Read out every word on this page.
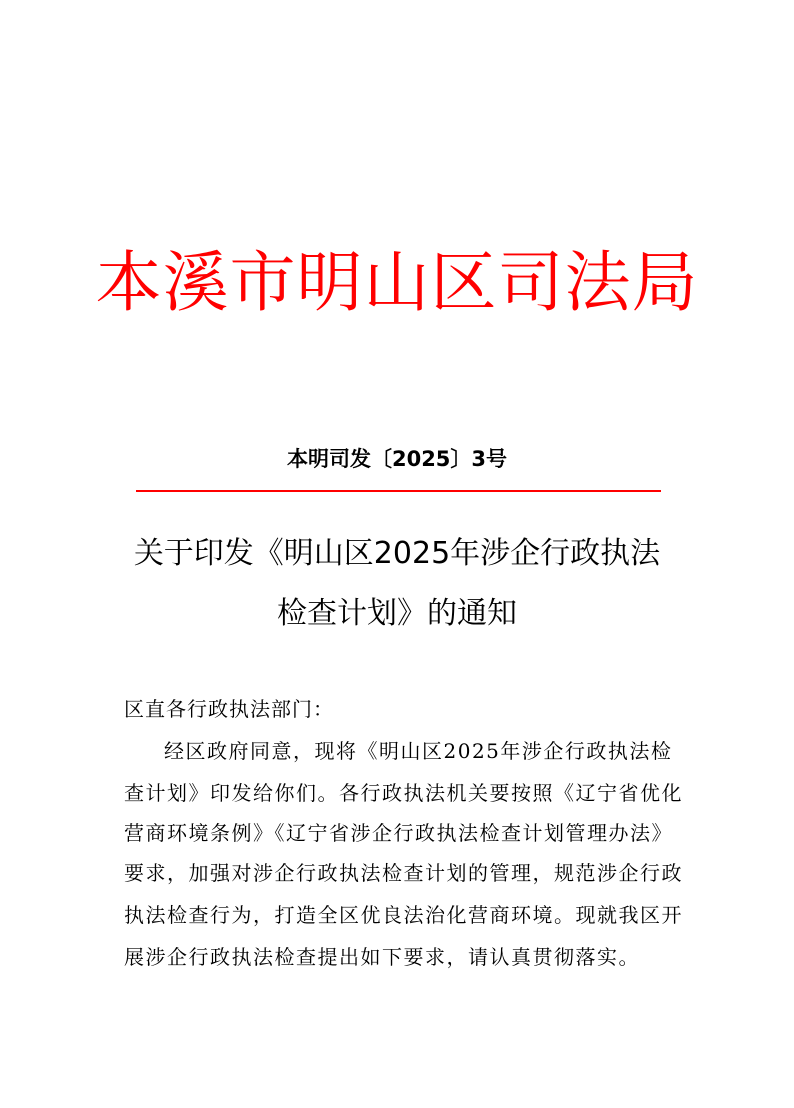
本溪市明山区司法局
本明司发〔2025〕3号
关于印发《明山区2025年涉企行政执法
检查计划》的通知
区直各行政执法部门：
经区政府同意，现将《明山区2025年涉企行政执法检
查计划》印发给你们。各行政执法机关要按照《辽宁省优化
营商环境条例》《辽宁省涉企行政执法检查计划管理办法》
要求，加强对涉企行政执法检查计划的管理，规范涉企行政
执法检查行为，打造全区优良法治化营商环境。现就我区开
展涉企行政执法检查提出如下要求，请认真贯彻落实。
